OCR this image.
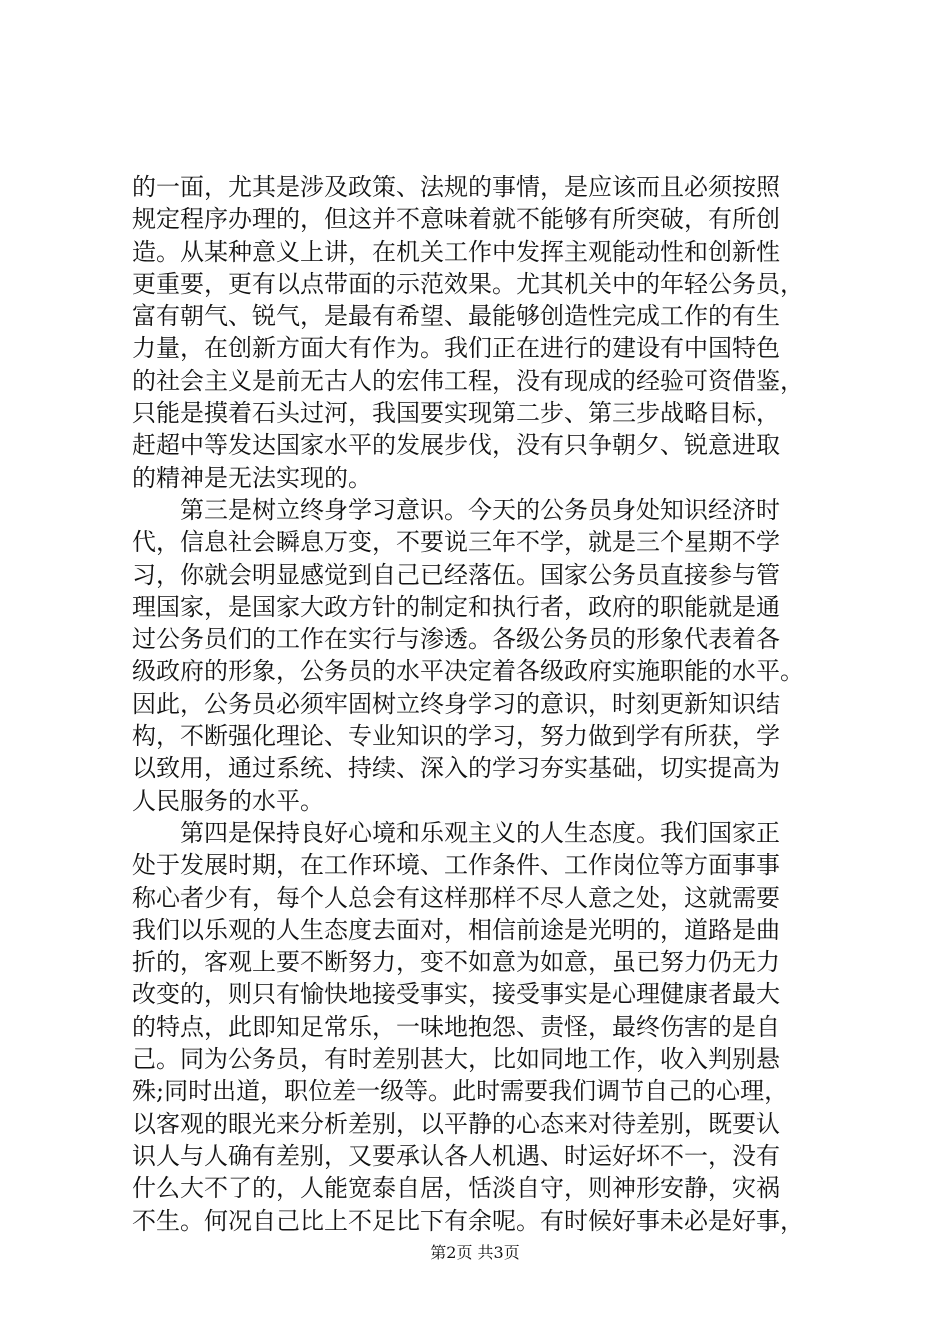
的一面，尤其是涉及政策、法规的事情，是应该而且必须按照
规定程序办理的，但这并不意味着就不能够有所突破，有所创
造。从某种意义上讲，在机关工作中发挥主观能动性和创新性
更重要，更有以点带面的示范效果。尤其机关中的年轻公务员，
富有朝气、锐气，是最有希望、最能够创造性完成工作的有生
力量，在创新方面大有作为。我们正在进行的建设有中国特色
的社会主义是前无古人的宏伟工程，没有现成的经验可资借鉴，
只能是摸着石头过河，我国要实现第二步、第三步战略目标，
赶超中等发达国家水平的发展步伐，没有只争朝夕、锐意进取
的精神是无法实现的。
　　第三是树立终身学习意识。今天的公务员身处知识经济时
代，信息社会瞬息万变，不要说三年不学，就是三个星期不学
习，你就会明显感觉到自己已经落伍。国家公务员直接参与管
理国家，是国家大政方针的制定和执行者，政府的职能就是通
过公务员们的工作在实行与渗透。各级公务员的形象代表着各
级政府的形象，公务员的水平决定着各级政府实施职能的水平。
因此，公务员必须牢固树立终身学习的意识，时刻更新知识结
构，不断强化理论、专业知识的学习，努力做到学有所获，学
以致用，通过系统、持续、深入的学习夯实基础，切实提高为
人民服务的水平。
　　第四是保持良好心境和乐观主义的人生态度。我们国家正
处于发展时期，在工作环境、工作条件、工作岗位等方面事事
称心者少有，每个人总会有这样那样不尽人意之处，这就需要
我们以乐观的人生态度去面对，相信前途是光明的，道路是曲
折的，客观上要不断努力，变不如意为如意，虽已努力仍无力
改变的，则只有愉快地接受事实，接受事实是心理健康者最大
的特点，此即知足常乐，一味地抱怨、责怪，最终伤害的是自
己。同为公务员，有时差别甚大，比如同地工作，收入判别悬
殊;同时出道，职位差一级等。此时需要我们调节自己的心理，
以客观的眼光来分析差别，以平静的心态来对待差别，既要认
识人与人确有差别，又要承认各人机遇、时运好坏不一，没有
什么大不了的，人能宽泰自居，恬淡自守，则神形安静，灾祸
不生。何况自己比上不足比下有余呢。有时候好事未必是好事，
第2页 共3页
